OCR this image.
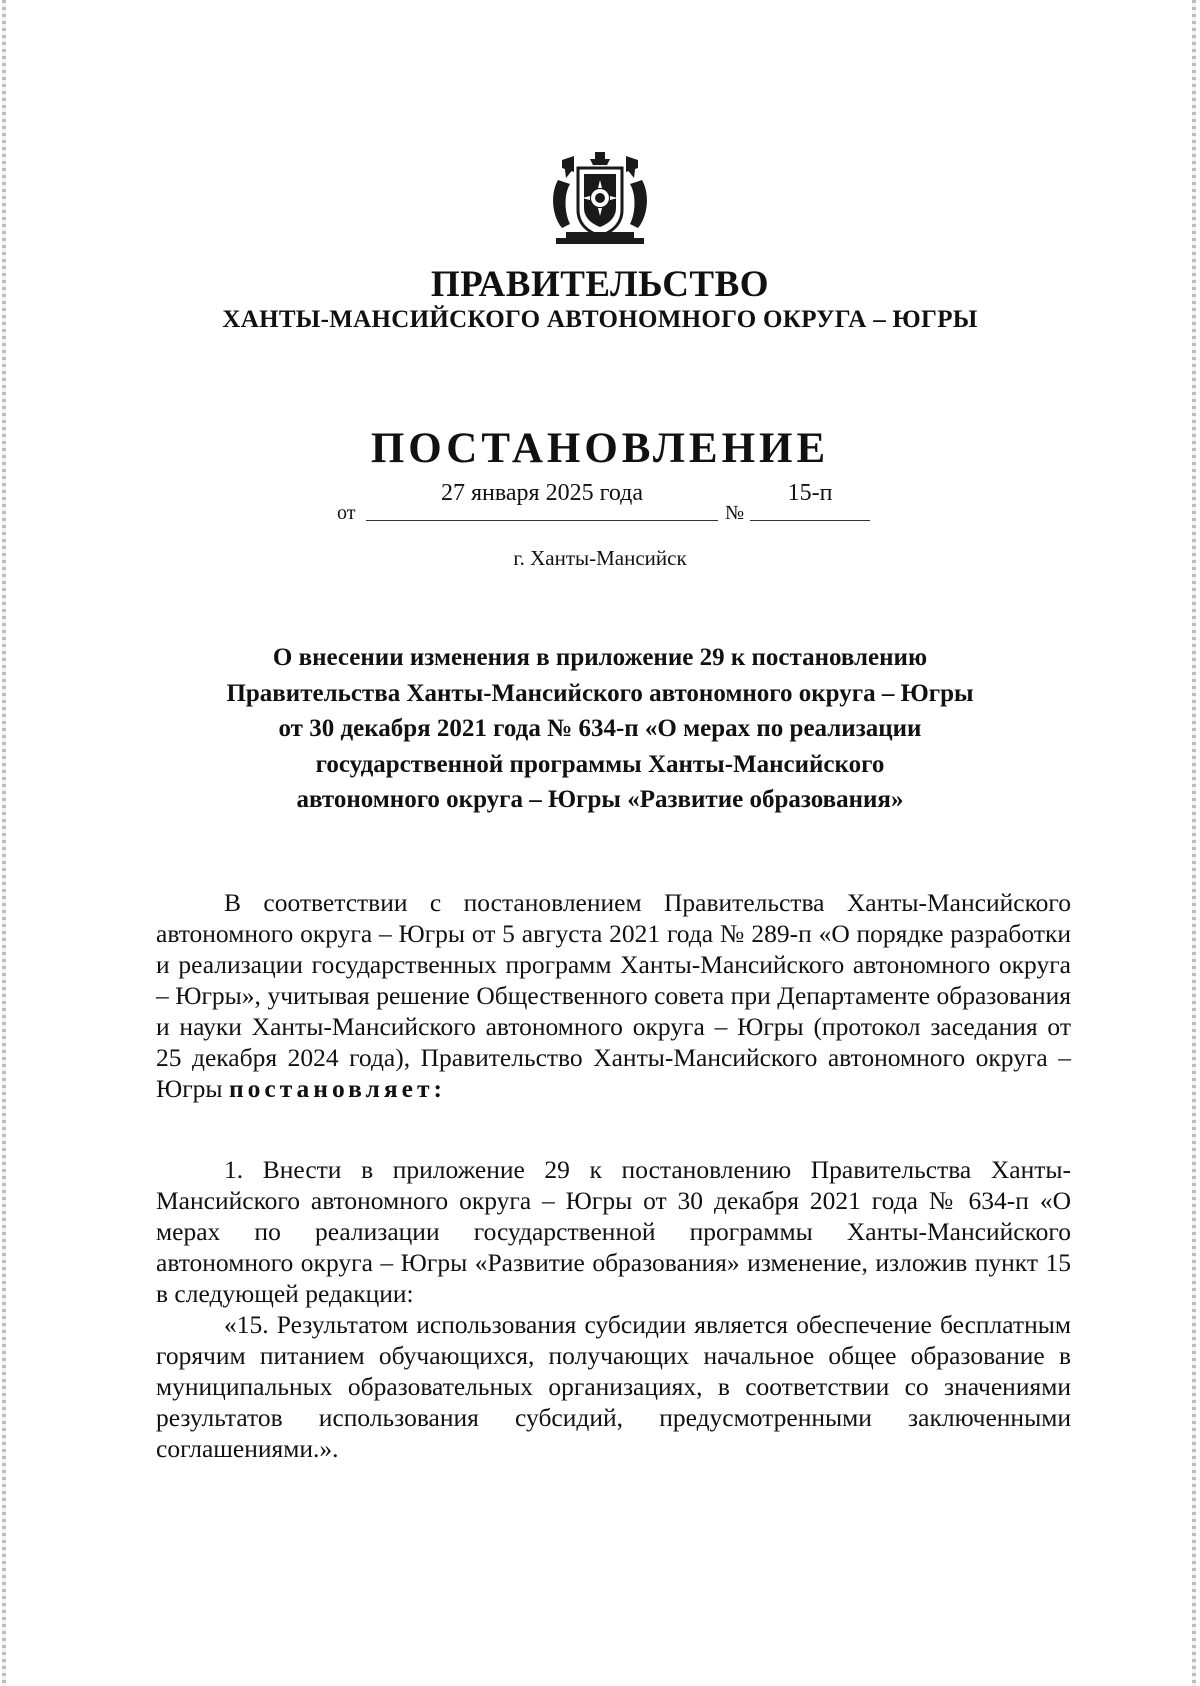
ПРАВИТЕЛЬСТВО
ХАНТЫ-МАНСИЙСКОГО АВТОНОМНОГО ОКРУГА – ЮГРЫ
ПОСТАНОВЛЕНИЕ
от
27 января 2025 года
№
15-п
г. Ханты-Мансийск
О внесении изменения в приложение 29 к постановлению
Правительства Ханты-Мансийского автономного округа – Югры
от 30 декабря 2021 года № 634-п «О мерах по реализации
государственной программы Ханты-Мансийского
автономного округа – Югры «Развитие образования»

В соответствии с постановлением Правительства Ханты-Мансийского автономного округа – Югры от 5 августа 2021 года № 289-п «О порядке разработки и реализации государственных программ Ханты-Мансийского автономного округа – Югры», учитывая решение Общественного совета при Департаменте образования и науки Ханты-Мансийского автономного округа – Югры (протокол заседания от 25 декабря 2024 года), Правительство Ханты-Мансийского автономного округа – Югры постановляет:

1. Внести в приложение 29 к постановлению Правительства Ханты-Мансийского автономного округа – Югры от 30 декабря 2021 года № 634-п «О мерах по реализации государственной программы Ханты-Мансийского автономного округа – Югры «Развитие образования» изменение, изложив пункт 15 в следующей редакции:

«15. Результатом использования субсидии является обеспечение бесплатным горячим питанием обучающихся, получающих начальное общее образование в муниципальных образовательных организациях, в соответствии со значениями результатов использования субсидий, предусмотренными заключенными соглашениями.».
